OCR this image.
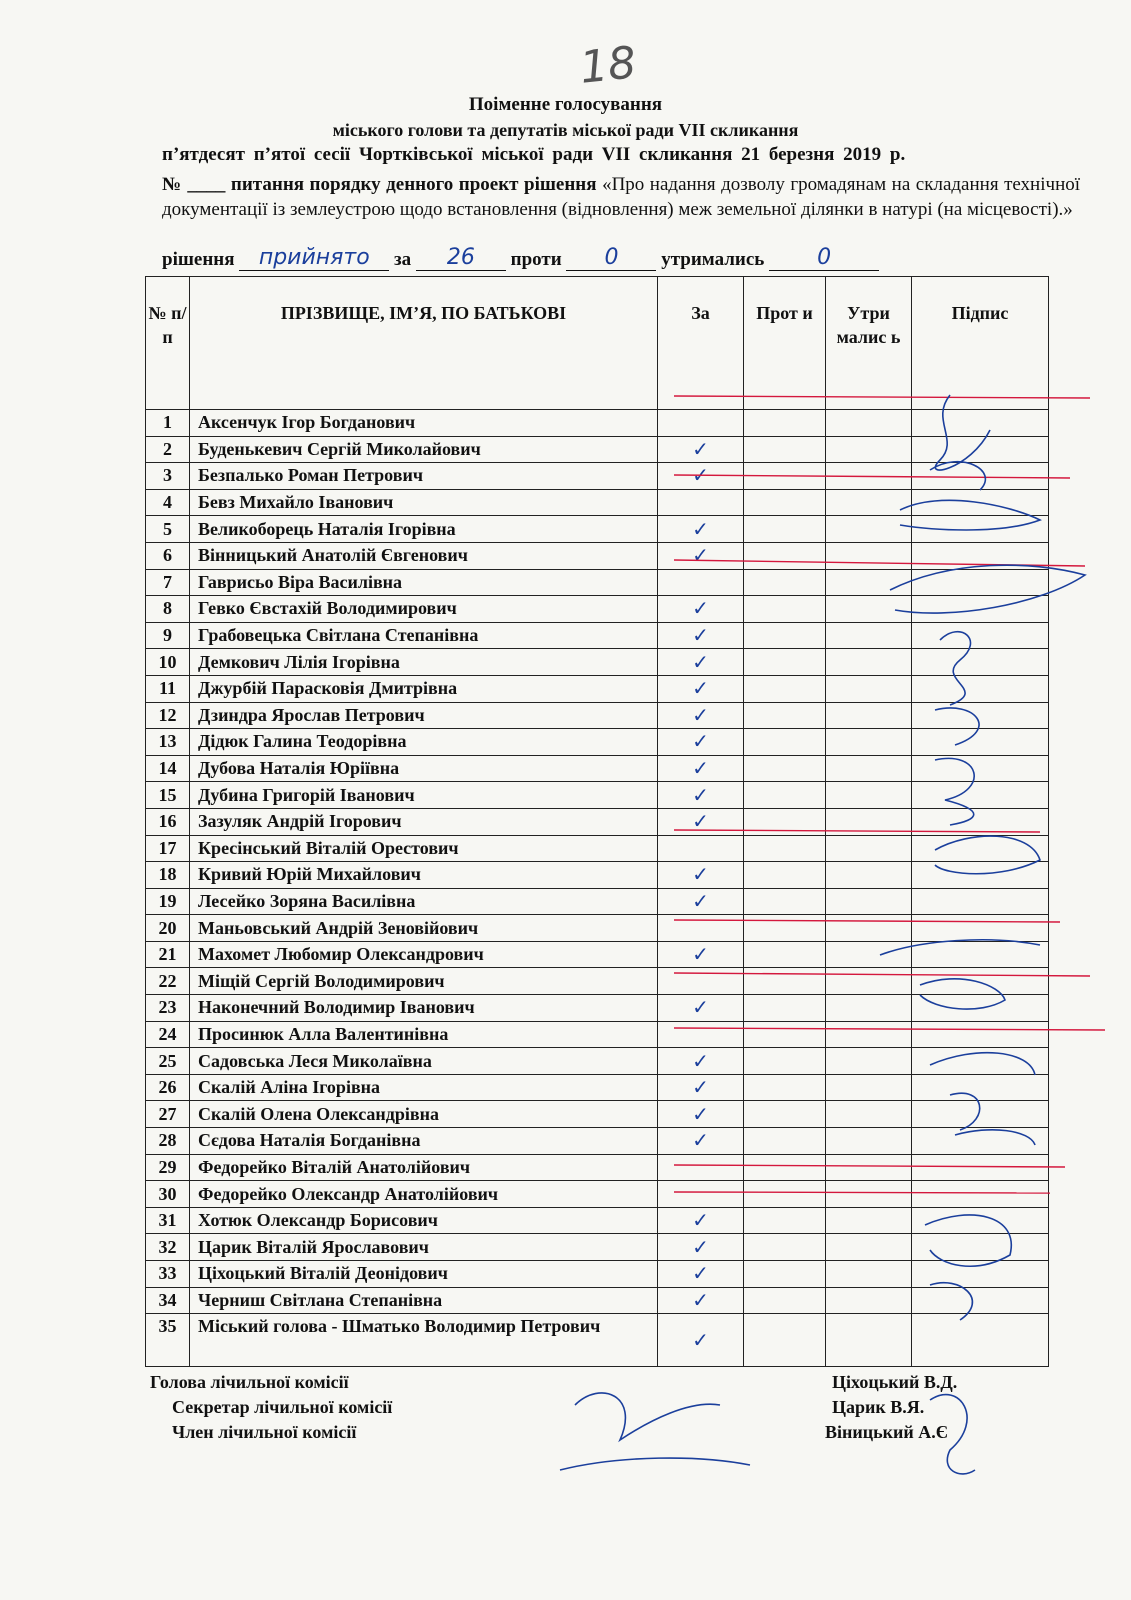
18
Поіменне голосування
міського голови та депутатів міської ради VII скликання
п’ятдесят п’ятої сесії Чортківської міської ради VII скликання 21 березня 2019 р.
№ ____ питання порядку денного проект рішення «Про надання дозволу громадянам на складання технічної документації із землеустрою щодо встановлення (відновлення) меж земельної ділянки в натурі (на місцевості).»
рішення прийнято за 26 проти 0 утримались 0
№ п/п	ПРІЗВИЩЕ, ІМ’Я, ПО БАТЬКОВІ	За	Прот и	Утри малис ь	Підпис
1	Аксенчук Ігор Богданович	

2	Буденькевич Сергій Миколайович	✓			

3	Безпалько Роман Петрович	✓			

4	Бевз Михайло Іванович	

5	Великоборець Наталія Ігорівна	✓			

6	Вінницький Анатолій Євгенович	✓			

7	Гаврисьо Віра Василівна	

8	Гевко Євстахій Володимирович	✓			

9	Грабовецька Світлана Степанівна	✓			

10	Демкович Лілія Ігорівна	✓			

11	Джурбій Парасковія Дмитрівна	✓			

12	Дзиндра Ярослав Петрович	✓			

13	Дідюк Галина Теодорівна	✓			

14	Дубова Наталія Юріївна	✓			

15	Дубина Григорій Іванович	✓			

16	Зазуляк Андрій Ігорович	✓			

17	Кресінський Віталій Орестович	

18	Кривий Юрій Михайлович	✓			

19	Лесейко Зоряна Василівна	✓			

20	Маньовський Андрій Зеновійович	

21	Махомет Любомир Олександрович	✓			

22	Міщій Сергій Володимирович	

23	Наконечний Володимир Іванович	✓			

24	Просинюк Алла Валентинівна	

25	Садовська Леся Миколаївна	✓			

26	Скалій Аліна Ігорівна	✓			

27	Скалій Олена Олександрівна	✓			

28	Сєдова Наталія Богданівна	✓			

29	Федорейко Віталій Анатолійович	

30	Федорейко Олександр Анатолійович	

31	Хотюк Олександр Борисович	✓			

32	Царик Віталій Ярославович	✓			

33	Ціхоцький Віталій Деонідович	✓			

34	Черниш Світлана Степанівна	✓			

35	Міський голова - Шматько Володимир Петрович	✓			

Голова лічильної комісії
Секретар лічильної комісії
Член лічильної комісії
Ціхоцький В.Д.
Царик В.Я.
Віницький А.Є
